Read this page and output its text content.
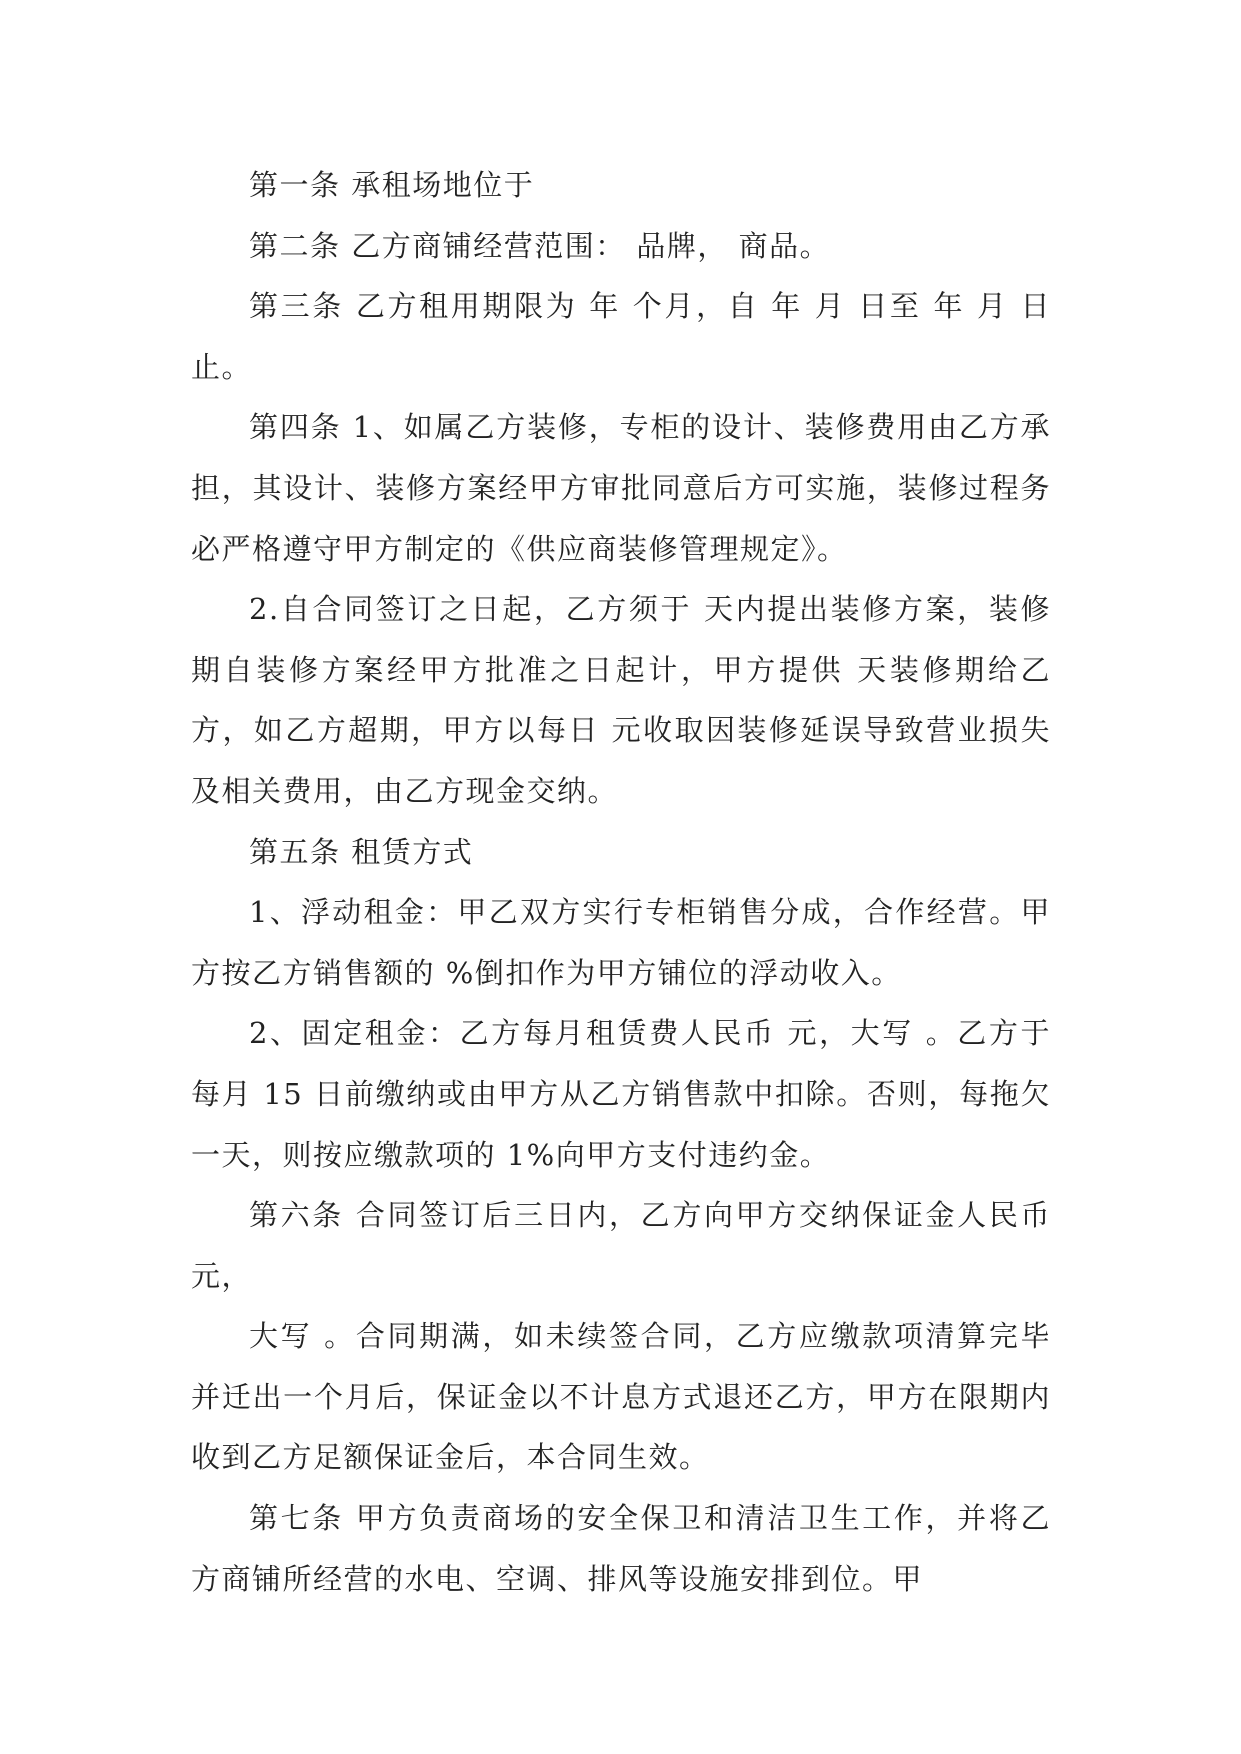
第一条 承租场地位于

第二条 乙方商铺经营范围： 品牌， 商品。

第三条 乙方租用期限为 年 个月，自 年 月 日至 年 月 日止。

第四条 1、如属乙方装修，专柜的设计、装修费用由乙方承担，其设计、装修方案经甲方审批同意后方可实施，装修过程务必严格遵守甲方制定的《供应商装修管理规定》。

2.自合同签订之日起，乙方须于 天内提出装修方案，装修期自装修方案经甲方批准之日起计，甲方提供 天装修期给乙方，如乙方超期，甲方以每日 元收取因装修延误导致营业损失及相关费用，由乙方现金交纳。

第五条 租赁方式

1、浮动租金：甲乙双方实行专柜销售分成，合作经营。甲方按乙方销售额的 %倒扣作为甲方铺位的浮动收入。

2、固定租金：乙方每月租赁费人民币 元，大写 。乙方于每月 15 日前缴纳或由甲方从乙方销售款中扣除。否则，每拖欠一天，则按应缴款项的 1%向甲方支付违约金。

第六条 合同签订后三日内，乙方向甲方交纳保证金人民币 元，

大写 。合同期满，如未续签合同，乙方应缴款项清算完毕并迁出一个月后，保证金以不计息方式退还乙方，甲方在限期内收到乙方足额保证金后，本合同生效。

第七条 甲方负责商场的安全保卫和清洁卫生工作，并将乙方商铺所经营的水电、空调、排风等设施安排到位。甲
